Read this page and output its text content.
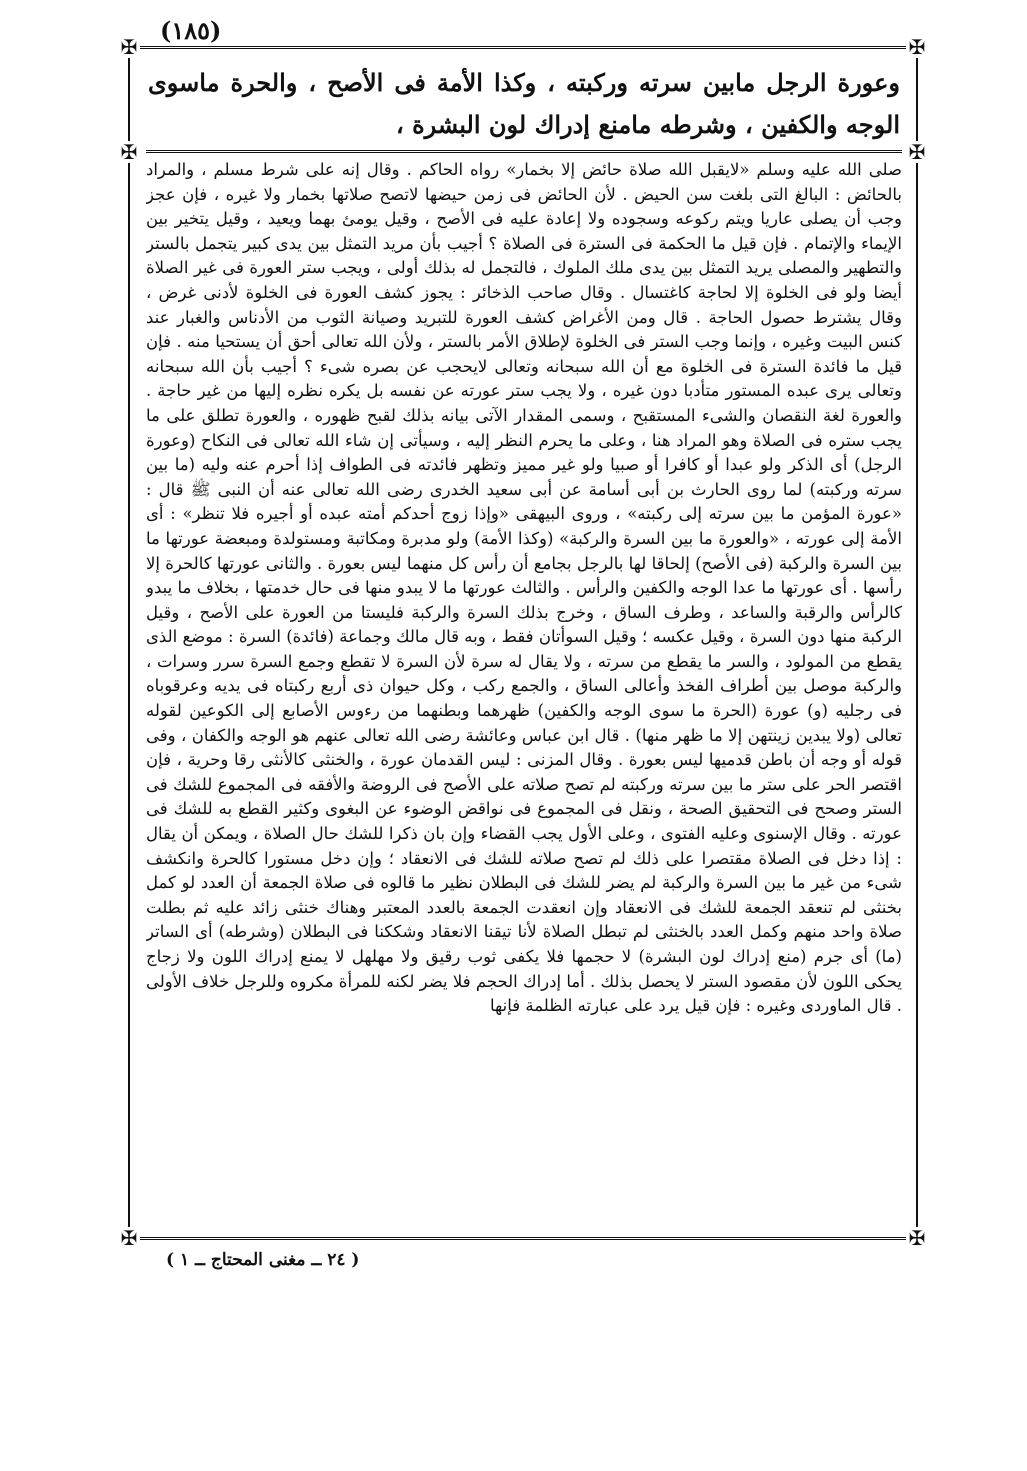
(١٨٥)
✠	✠
✠	✠
✠	✠
وعورة الرجل مابين سرته وركبته ، وكذا الأمة فى الأصح ، والحرة ماسوى الوجه والكفين ، وشرطه مامنع إدراك لون البشرة ،

صلى الله عليه وسلم «لايقبل الله صلاة حائض إلا بخمار» رواه الحاكم . وقال إنه على شرط مسلم ، والمراد بالحائض : البالغ التى بلغت سن الحيض . لأن الحائض فى زمن حيضها لاتصح صلاتها بخمار ولا غيره ، فإن عجز وجب أن يصلى عاريا ويتم ركوعه وسجوده ولا إعادة عليه فى الأصح ، وقيل يومئ بهما ويعيد ، وقيل يتخير بين الإيماء والإتمام . فإن قيل ما الحكمة فى السترة فى الصلاة ؟ أجيب بأن مريد التمثل بين يدى كبير يتجمل بالستر والتطهير والمصلى يريد التمثل بين يدى ملك الملوك ، فالتجمل له بذلك أولى ، ويجب ستر العورة فى غير الصلاة أيضا ولو فى الخلوة إلا لحاجة كاغتسال . وقال صاحب الذخائر : يجوز كشف العورة فى الخلوة لأدنى غرض ، وقال يشترط حصول الحاجة . قال ومن الأغراض كشف العورة للتبريد وصيانة الثوب من الأدناس والغبار عند كنس البيت وغيره ، وإنما وجب الستر فى الخلوة لإطلاق الأمر بالستر ، ولأن الله تعالى أحق أن يستحيا منه . فإن قيل ما فائدة السترة فى الخلوة مع أن الله سبحانه وتعالى لايحجب عن بصره شىء ؟ أجيب بأن الله سبحانه وتعالى يرى عبده المستور متأدبا دون غيره ، ولا يجب ستر عورته عن نفسه بل يكره نظره إليها من غير حاجة . والعورة لغة النقصان والشىء المستقبح ، وسمى المقدار الآتى بيانه بذلك لقبح ظهوره ، والعورة تطلق على ما يجب ستره فى الصلاة وهو المراد هنا ، وعلى ما يحرم النظر إليه ، وسيأتى إن شاء الله تعالى فى النكاح (وعورة الرجل) أى الذكر ولو عبدا أو كافرا أو صبيا ولو غير مميز وتظهر فائدته فى الطواف إذا أحرم عنه وليه (ما بين سرته وركبته) لما روى الحارث بن أبى أسامة عن أبى سعيد الخدرى رضى الله تعالى عنه أن النبى ﷺ قال : «عورة المؤمن ما بين سرته إلى ركبته» ، وروى البيهقى «وإذا زوج أحدكم أمته عبده أو أجيره فلا تنظر» : أى الأمة إلى عورته ، «والعورة ما بين السرة والركبة» (وكذا الأمة) ولو مدبرة ومكاتبة ومستولدة ومبعضة عورتها ما بين السرة والركبة (فى الأصح) إلحاقا لها بالرجل بجامع أن رأس كل منهما ليس بعورة . والثانى عورتها كالحرة إلا رأسها . أى عورتها ما عدا الوجه والكفين والرأس . والثالث عورتها ما لا يبدو منها فى حال خدمتها ، بخلاف ما يبدو كالرأس والرقبة والساعد ، وطرف الساق ، وخرج بذلك السرة والركبة فليستا من العورة على الأصح ، وقيل الركبة منها دون السرة ، وقيل عكسه ؛ وقيل السوأتان فقط ، وبه قال مالك وجماعة (فائدة) السرة : موضع الذى يقطع من المولود ، والسر ما يقطع من سرته ، ولا يقال له سرة لأن السرة لا تقطع وجمع السرة سرر وسرات ، والركبة موصل بين أطراف الفخذ وأعالى الساق ، والجمع ركب ، وكل حيوان ذى أربع ركبتاه فى يديه وعرقوباه فى رجليه (و) عورة (الحرة ما سوى الوجه والكفين) ظهرهما وبطنهما من رءوس الأصابع إلى الكوعين لقوله تعالى (ولا يبدين زينتهن إلا ما ظهر منها) . قال ابن عباس وعائشة رضى الله تعالى عنهم هو الوجه والكفان ، وفى قوله أو وجه أن باطن قدميها ليس بعورة . وقال المزنى : ليس القدمان عورة ، والخنثى كالأنثى رقا وحرية ، فإن اقتصر الحر على ستر ما بين سرته وركبته لم تصح صلاته على الأصح فى الروضة والأفقه فى المجموع للشك فى الستر وصحح فى التحقيق الصحة ، ونقل فى المجموع فى نواقض الوضوء عن البغوى وكثير القطع به للشك فى عورته . وقال الإسنوى وعليه الفتوى ، وعلى الأول يجب القضاء وإن بان ذكرا للشك حال الصلاة ، ويمكن أن يقال : إذا دخل فى الصلاة مقتصرا على ذلك لم تصح صلاته للشك فى الانعقاد ؛ وإن دخل مستورا كالحرة وانكشف شىء من غير ما بين السرة والركبة لم يضر للشك فى البطلان نظير ما قالوه فى صلاة الجمعة أن العدد لو كمل بخنثى لم تنعقد الجمعة للشك فى الانعقاد وإن انعقدت الجمعة بالعدد المعتبر وهناك خنثى زائد عليه ثم بطلت صلاة واحد منهم وكمل العدد بالخنثى لم تبطل الصلاة لأنا تيقنا الانعقاد وشككنا فى البطلان (وشرطه) أى الساتر (ما) أى جرم (منع إدراك لون البشرة) لا حجمها فلا يكفى ثوب رقيق ولا مهلهل لا يمنع إدراك اللون ولا زجاج يحكى اللون لأن مقصود الستر لا يحصل بذلك . أما إدراك الحجم فلا يضر لكنه للمرأة مكروه وللرجل خلاف الأولى . قال الماوردى وغيره : فإن قيل يرد على عبارته الظلمة فإنها

( ٢٤ ــ مغنى المحتاج ــ ١ )
